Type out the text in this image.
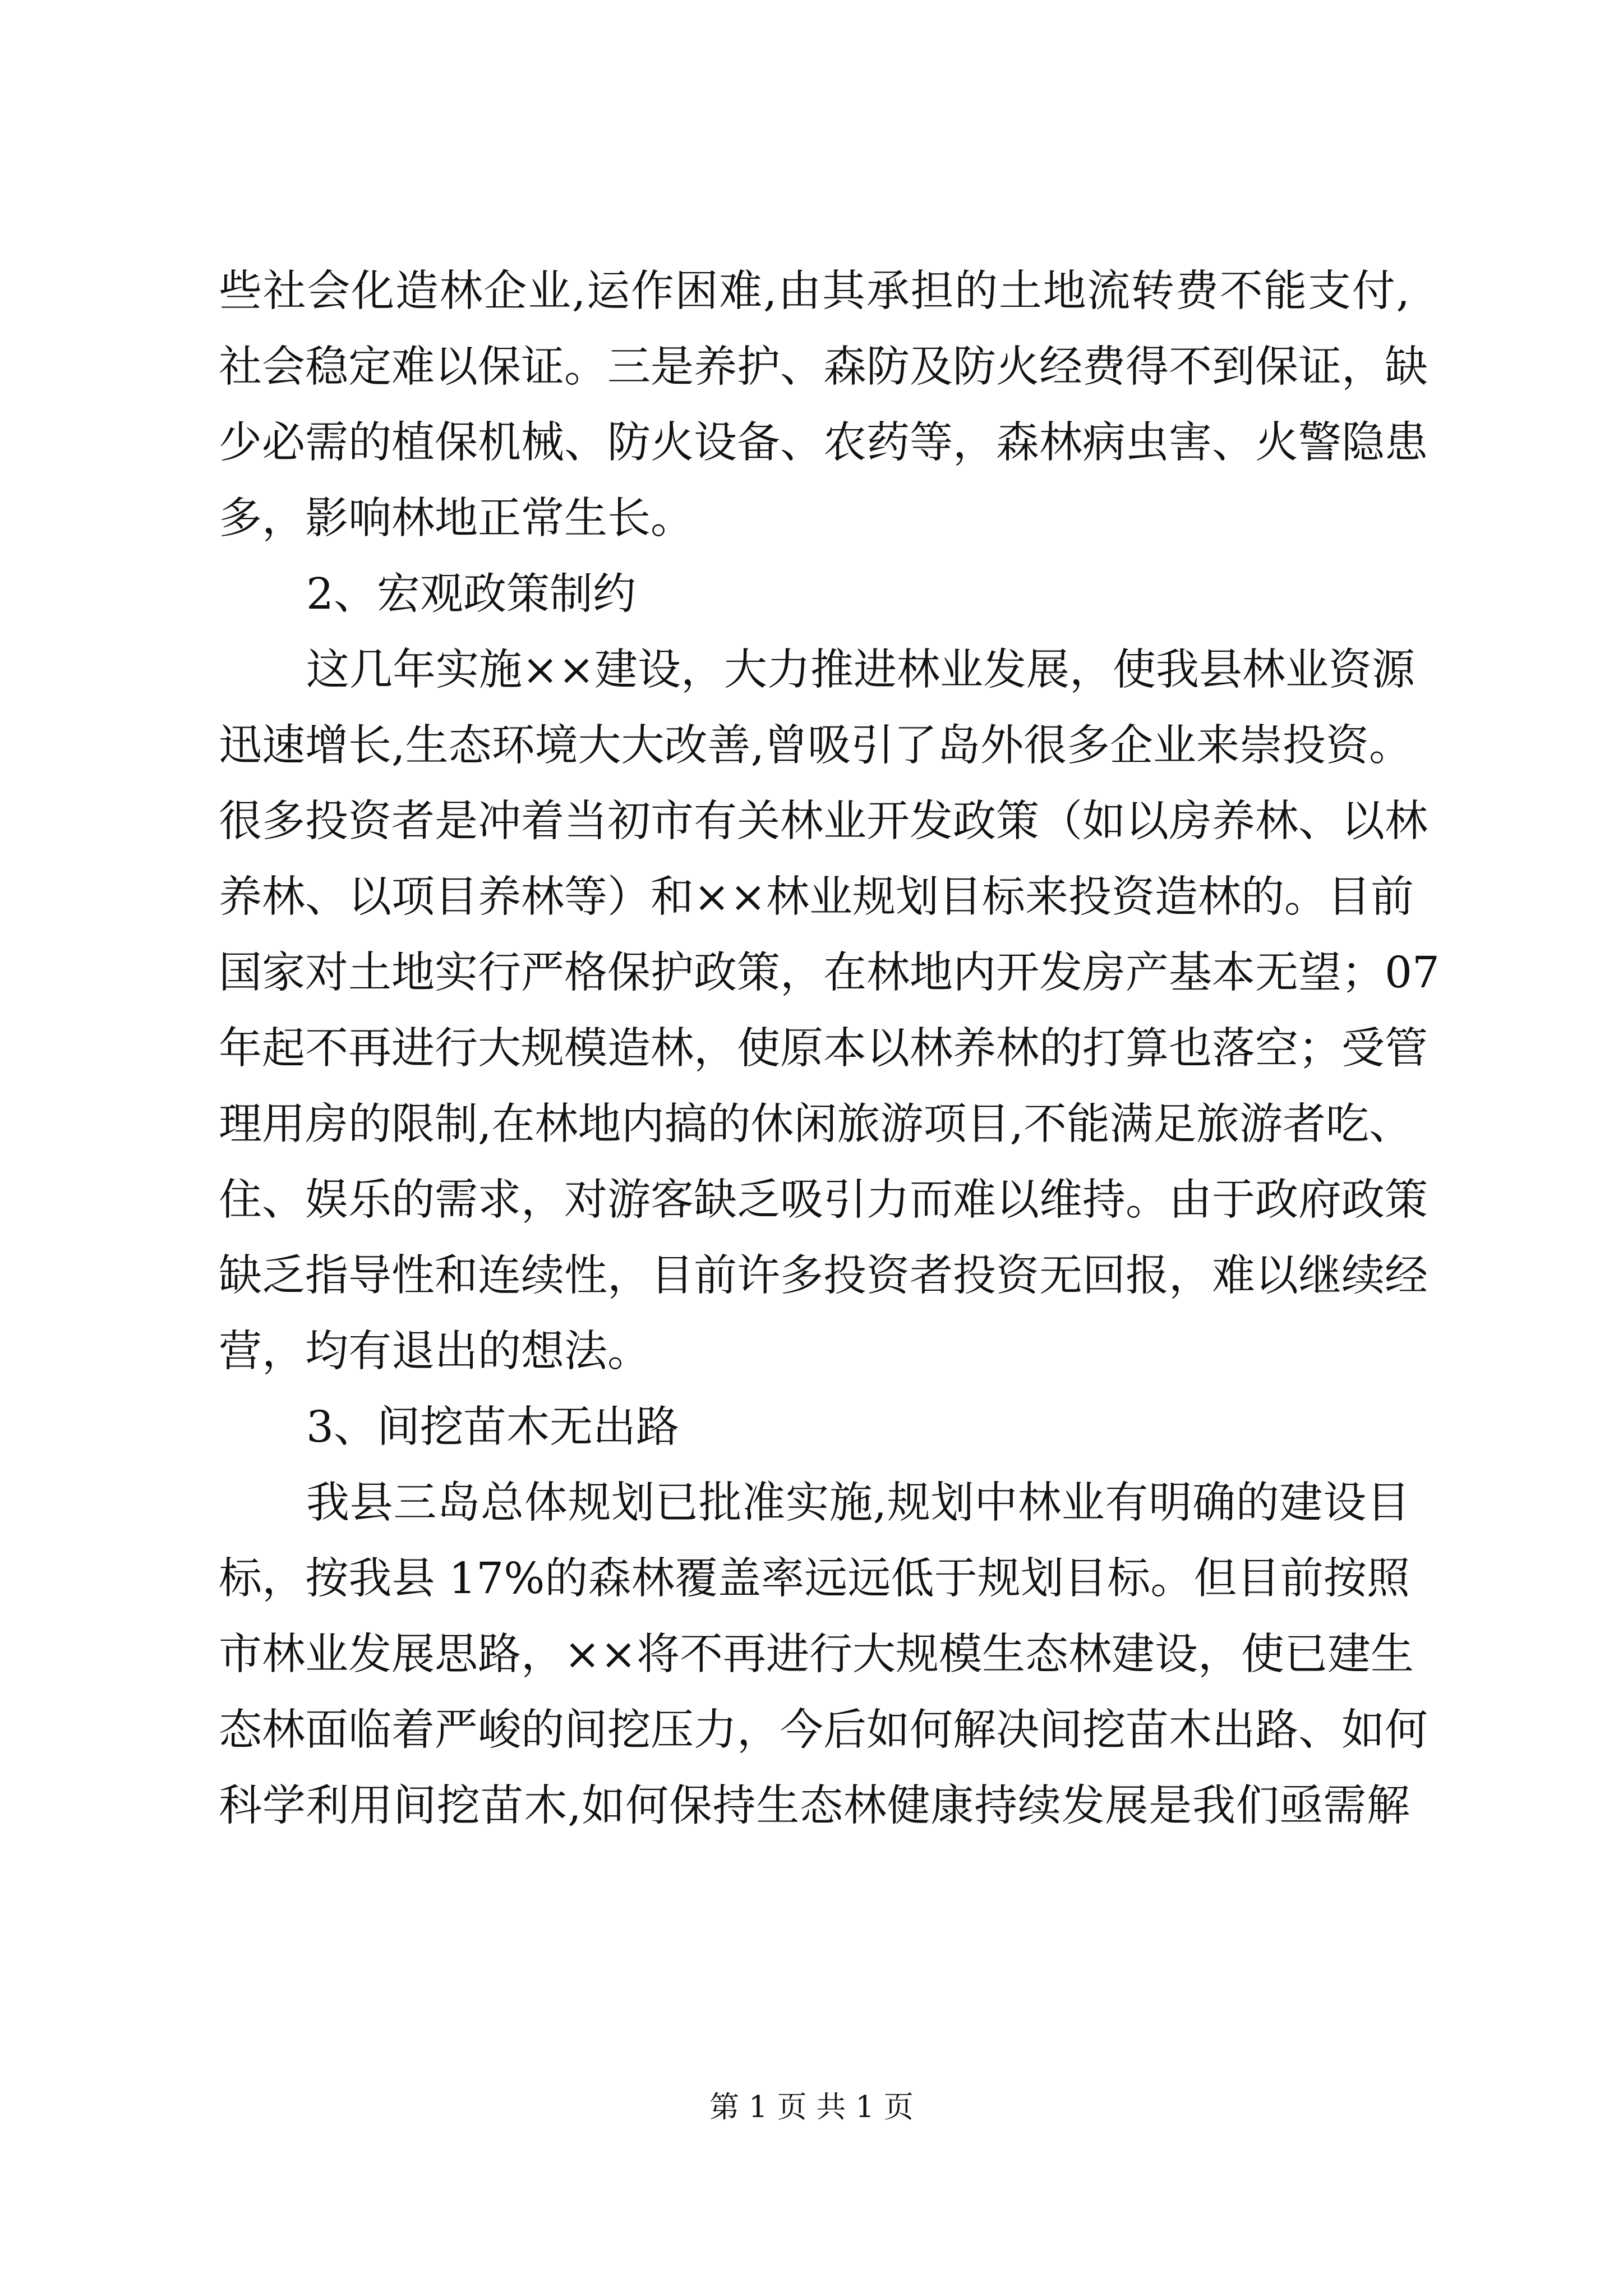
些社会化造林企业,运作困难,由其承担的土地流转费不能支付,
社会稳定难以保证。三是养护、森防及防火经费得不到保证，缺
少必需的植保机械、防火设备、农药等，森林病虫害、火警隐患
多，影响林地正常生长。
2、宏观政策制约
这几年实施××建设，大力推进林业发展，使我县林业资源
迅速增长,生态环境大大改善,曾吸引了岛外很多企业来崇投资。
很多投资者是冲着当初市有关林业开发政策（如以房养林、以林
养林、以项目养林等）和××林业规划目标来投资造林的。目前
国家对土地实行严格保护政策，在林地内开发房产基本无望；07
年起不再进行大规模造林，使原本以林养林的打算也落空；受管
理用房的限制,在林地内搞的休闲旅游项目,不能满足旅游者吃、
住、娱乐的需求，对游客缺乏吸引力而难以维持。由于政府政策
缺乏指导性和连续性，目前许多投资者投资无回报，难以继续经
营，均有退出的想法。
3、间挖苗木无出路
我县三岛总体规划已批准实施,规划中林业有明确的建设目
标，按我县 17%的森林覆盖率远远低于规划目标。但目前按照
市林业发展思路，××将不再进行大规模生态林建设，使已建生
态林面临着严峻的间挖压力，今后如何解决间挖苗木出路、如何
科学利用间挖苗木,如何保持生态林健康持续发展是我们亟需解
第 1 页 共 1 页
